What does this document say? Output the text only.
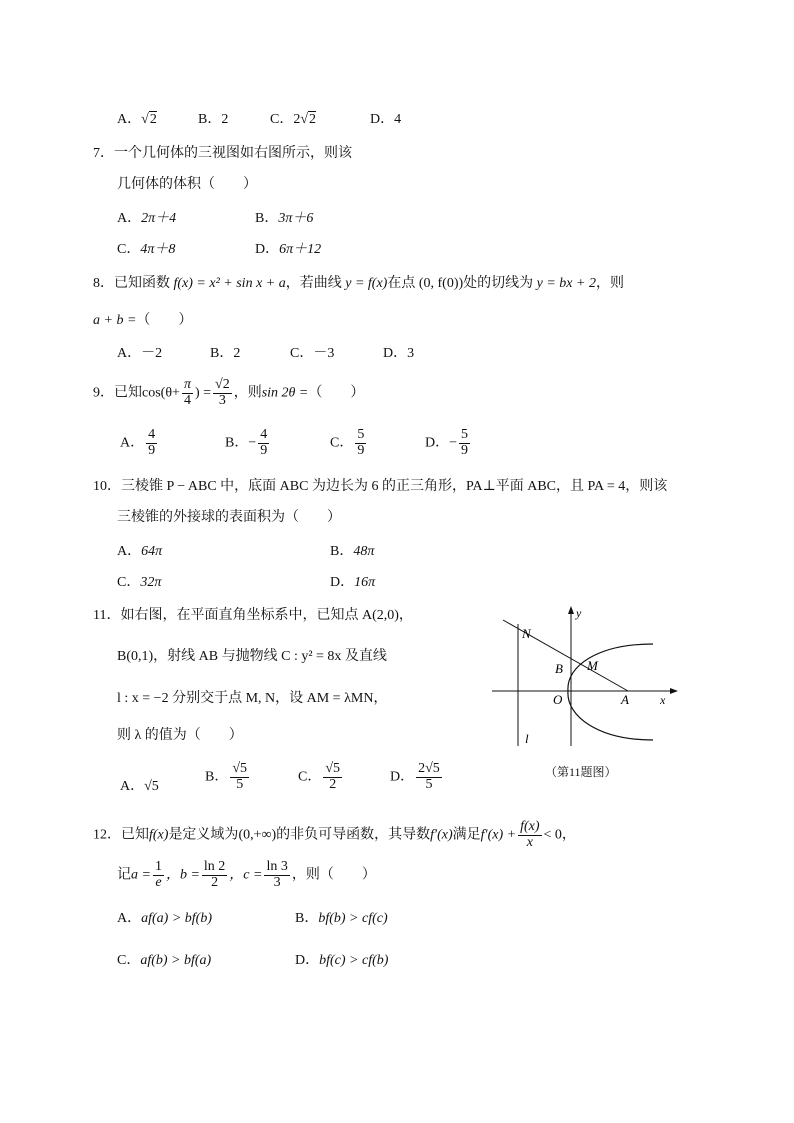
A．√2	B．2	C．2√2	D．4
7．一个几何体的三视图如右图所示，则该
几何体的体积（　　）
A．2π＋4	B．3π＋6
C．4π＋8	D．6π＋12
8．已知函数 f(x) = x² + sin x + a，若曲线 y = f(x)在点 (0, f(0))处的切线为 y = bx + 2，则
a + b =（　　）
A．－2	B．2	C．－3	D．3
9．已知$\cos(\theta+ \frac{\pi}{4}$ ) = $\frac{√2}{3}$ ，则sin 2θ =（　　）
A． $\frac{4}{9}$	B．− $\frac{4}{9}$	C． $\frac{5}{9}$	D．− $\frac{5}{9}$
10．三棱锥 P − ABC 中，底面 ABC 为边长为 6 的正三角形，PA⊥平面 ABC，且 PA = 4，则该
三棱锥的外接球的表面积为（　　）
A．64π	B．48π
C．32π	D．16π
11．如右图，在平面直角坐标系中，已知点 A(2,0)，
B(0,1)，射线 AB 与抛物线 C : y² = 8x 及直线
l : x = −2 分别交于点 M, N，设 AM = λMN，
则 λ 的值为（　　）
A．√5
B． $\frac{√5}{5}$	C． $\frac{√5}{2}$	D． $\frac{2√5}{5}$
y
x
N
B M
O	A
l
（第11题图）
12．已知f(x)是定义域为(0,+∞)的非负可导函数，其导数f′(x)满足$f'(x) + \frac{f(x)}{x} < 0$，
记$a = \frac{1}{e}$ ，$b = \frac{\ln 2}{2}$ ，$c = \frac{\ln 3}{3}$ ，则（　　）
A．af(a) > bf(b)	B．bf(b) > cf(c)
C．af(b) > bf(a)	D．bf(c) > cf(b)
